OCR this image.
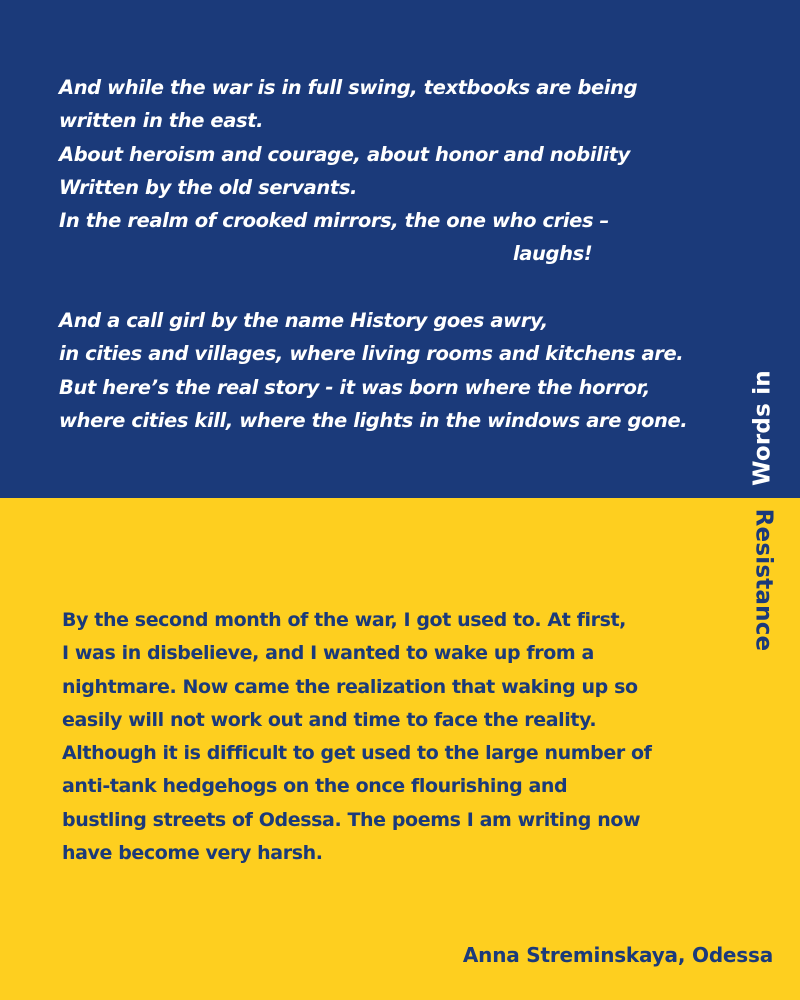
And while the war is in full swing, textbooks are being
written in the east.
About heroism and courage, about honor and nobility
Written by the old servants.
In the realm of crooked mirrors, the one who cries –
laughs!
And a call girl by the name History goes awry,
in cities and villages, where living rooms and kitchens are.
But here’s the real story - it was born where the horror,
where cities kill, where the lights in the windows are gone.	Words in
Resistance
By the second month of the war, I got used to. At first,
I was in disbelieve, and I wanted to wake up from a
nightmare. Now came the realization that waking up so
easily will not work out and time to face the reality.
Although it is difficult to get used to the large number of
anti-tank hedgehogs on the once flourishing and
bustling streets of Odessa. The poems I am writing now
have become very harsh.
Anna Streminskaya, Odessa
